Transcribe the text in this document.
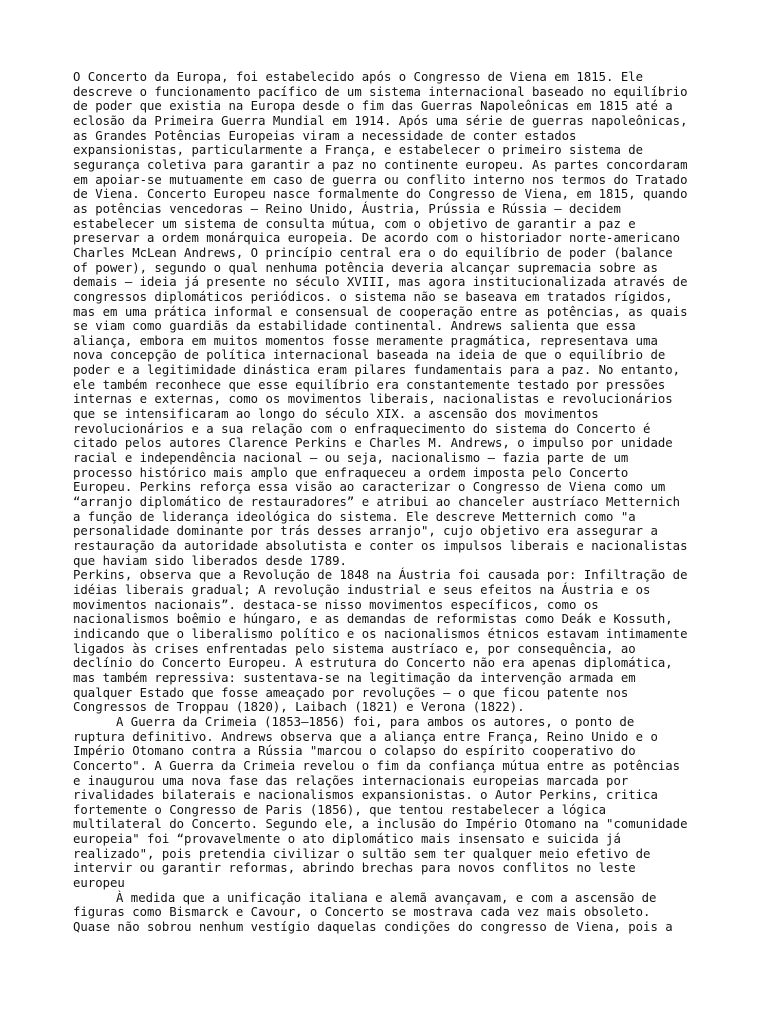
O Concerto da Europa, foi estabelecido após o Congresso de Viena em 1815. Ele
descreve o funcionamento pacífico de um sistema internacional baseado no equilíbrio
de poder que existia na Europa desde o fim das Guerras Napoleônicas em 1815 até a
eclosão da Primeira Guerra Mundial em 1914. Após uma série de guerras napoleônicas,
as Grandes Potências Europeias viram a necessidade de conter estados
expansionistas, particularmente a França, e estabelecer o primeiro sistema de
segurança coletiva para garantir a paz no continente europeu. As partes concordaram
em apoiar-se mutuamente em caso de guerra ou conflito interno nos termos do Tratado
de Viena. Concerto Europeu nasce formalmente do Congresso de Viena, em 1815, quando
as potências vencedoras — Reino Unido, Áustria, Prússia e Rússia — decidem
estabelecer um sistema de consulta mútua, com o objetivo de garantir a paz e
preservar a ordem monárquica europeia. De acordo com o historiador norte-americano
Charles McLean Andrews, O princípio central era o do equilíbrio de poder (balance
of power), segundo o qual nenhuma potência deveria alcançar supremacia sobre as
demais — ideia já presente no século XVIII, mas agora institucionalizada através de
congressos diplomáticos periódicos. o sistema não se baseava em tratados rígidos,
mas em uma prática informal e consensual de cooperação entre as potências, as quais
se viam como guardiãs da estabilidade continental. Andrews salienta que essa
aliança, embora em muitos momentos fosse meramente pragmática, representava uma
nova concepção de política internacional baseada na ideia de que o equilíbrio de
poder e a legitimidade dinástica eram pilares fundamentais para a paz. No entanto,
ele também reconhece que esse equilíbrio era constantemente testado por pressões
internas e externas, como os movimentos liberais, nacionalistas e revolucionários
que se intensificaram ao longo do século XIX. a ascensão dos movimentos
revolucionários e a sua relação com o enfraquecimento do sistema do Concerto é
citado pelos autores Clarence Perkins e Charles M. Andrews, o impulso por unidade
racial e independência nacional — ou seja, nacionalismo — fazia parte de um
processo histórico mais amplo que enfraqueceu a ordem imposta pelo Concerto
Europeu. Perkins reforça essa visão ao caracterizar o Congresso de Viena como um
“arranjo diplomático de restauradores” e atribui ao chanceler austríaco Metternich
a função de liderança ideológica do sistema. Ele descreve Metternich como "a
personalidade dominante por trás desses arranjo", cujo objetivo era assegurar a
restauração da autoridade absolutista e conter os impulsos liberais e nacionalistas
que haviam sido liberados desde 1789.

Perkins, observa que a Revolução de 1848 na Áustria foi causada por: Infiltração de
idéias liberais gradual; A revolução industrial e seus efeitos na Áustria e os
movimentos nacionais”. destaca-se nisso movimentos específicos, como os
nacionalismos boêmio e húngaro, e as demandas de reformistas como Deák e Kossuth,
indicando que o liberalismo político e os nacionalismos étnicos estavam intimamente
ligados às crises enfrentadas pelo sistema austríaco e, por consequência, ao
declínio do Concerto Europeu. A estrutura do Concerto não era apenas diplomática,
mas também repressiva: sustentava-se na legitimação da intervenção armada em
qualquer Estado que fosse ameaçado por revoluções — o que ficou patente nos
Congressos de Troppau (1820), Laibach (1821) e Verona (1822).

A Guerra da Crimeia (1853–1856) foi, para ambos os autores, o ponto de
ruptura definitivo. Andrews observa que a aliança entre França, Reino Unido e o
Império Otomano contra a Rússia "marcou o colapso do espírito cooperativo do
Concerto". A Guerra da Crimeia revelou o fim da confiança mútua entre as potências
e inaugurou uma nova fase das relações internacionais europeias marcada por
rivalidades bilaterais e nacionalismos expansionistas. o Autor Perkins, critica
fortemente o Congresso de Paris (1856), que tentou restabelecer a lógica
multilateral do Concerto. Segundo ele, a inclusão do Império Otomano na "comunidade
europeia" foi “provavelmente o ato diplomático mais insensato e suicida já
realizado", pois pretendia civilizar o sultão sem ter qualquer meio efetivo de
intervir ou garantir reformas, abrindo brechas para novos conflitos no leste
europeu

À medida que a unificação italiana e alemã avançavam, e com a ascensão de
figuras como Bismarck e Cavour, o Concerto se mostrava cada vez mais obsoleto.
Quase não sobrou nenhum vestígio daquelas condições do congresso de Viena, pois a
